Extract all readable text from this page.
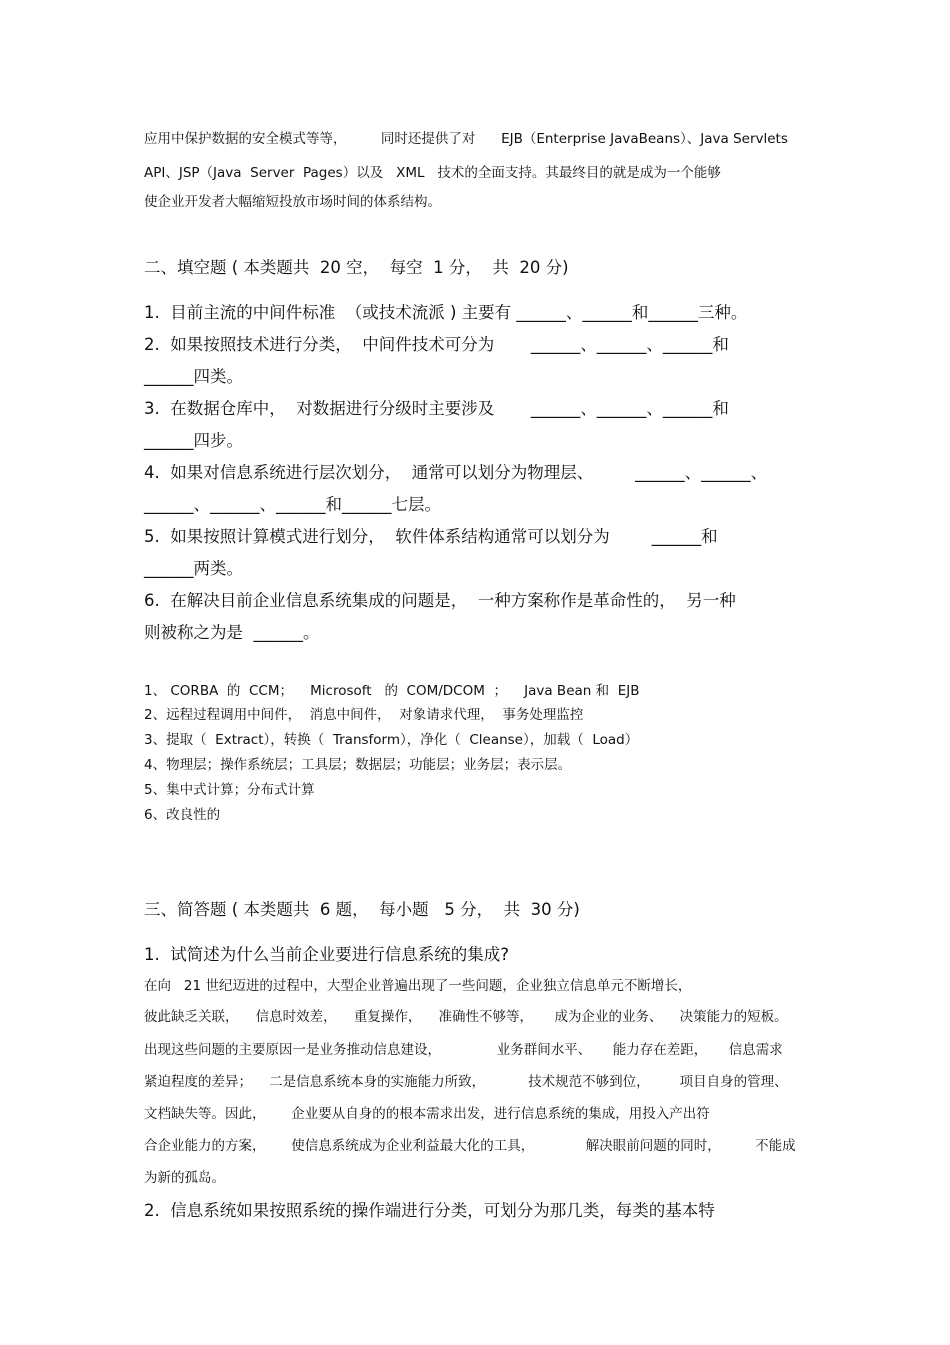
应用中保护数据的安全模式等等，        同时还提供了对      EJB（Enterprise JavaBeans）、Java Servlets
API、JSP（Java  Server  Pages）以及   XML   技术的全面支持。其最终目的就是成为一个能够
使企业开发者大幅缩短投放市场时间的体系结构。
二、填空题 ( 本类题共  20 空，  每空  1 分，  共  20 分)
1.  目前主流的中间件标准  （或技术流派 ) 主要有 ______、______和______三种。
2.  如果按照技术进行分类，  中间件技术可分为       ______、______、______和
______四类。
3.  在数据仓库中，  对数据进行分级时主要涉及       ______、______、______和
______四步。
4.  如果对信息系统进行层次划分，  通常可以划分为物理层、        ______、______、
______、______、______和______七层。
5.  如果按照计算模式进行划分，  软件体系结构通常可以划分为        ______和
______两类。
6.  在解决目前企业信息系统集成的问题是，  一种方案称作是革命性的，  另一种
则被称之为是  ______。
1、 CORBA  的  CCM；    Microsoft   的  COM/DCOM  ；    Java Bean 和  EJB
2、远程过程调用中间件，  消息中间件，  对象请求代理，  事务处理监控
3、提取（  Extract），转换（  Transform），净化（  Cleanse），加载（  Load）
4、物理层；操作系统层；工具层；数据层；功能层；业务层；表示层。
5、集中式计算；分布式计算
6、改良性的
三、简答题 ( 本类题共  6 题，  每小题   5 分，  共  30 分)
1.  试简述为什么当前企业要进行信息系统的集成?
在向   21 世纪迈进的过程中，大型企业普遍出现了一些问题，企业独立信息单元不断增长，
彼此缺乏关联，    信息时效差，    重复操作，    准确性不够等，     成为企业的业务、    决策能力的短板。
出现这些问题的主要原因一是业务推动信息建设，             业务群间水平、     能力存在差距，     信息需求
紧迫程度的差异；    二是信息系统本身的实施能力所致，          技术规范不够到位，       项目自身的管理、
文档缺失等。因此，      企业要从自身的的根本需求出发，进行信息系统的集成，用投入产出符
合企业能力的方案，      使信息系统成为企业利益最大化的工具，            解决眼前问题的同时，        不能成
为新的孤岛。
2.  信息系统如果按照系统的操作端进行分类，可划分为那几类，每类的基本特
